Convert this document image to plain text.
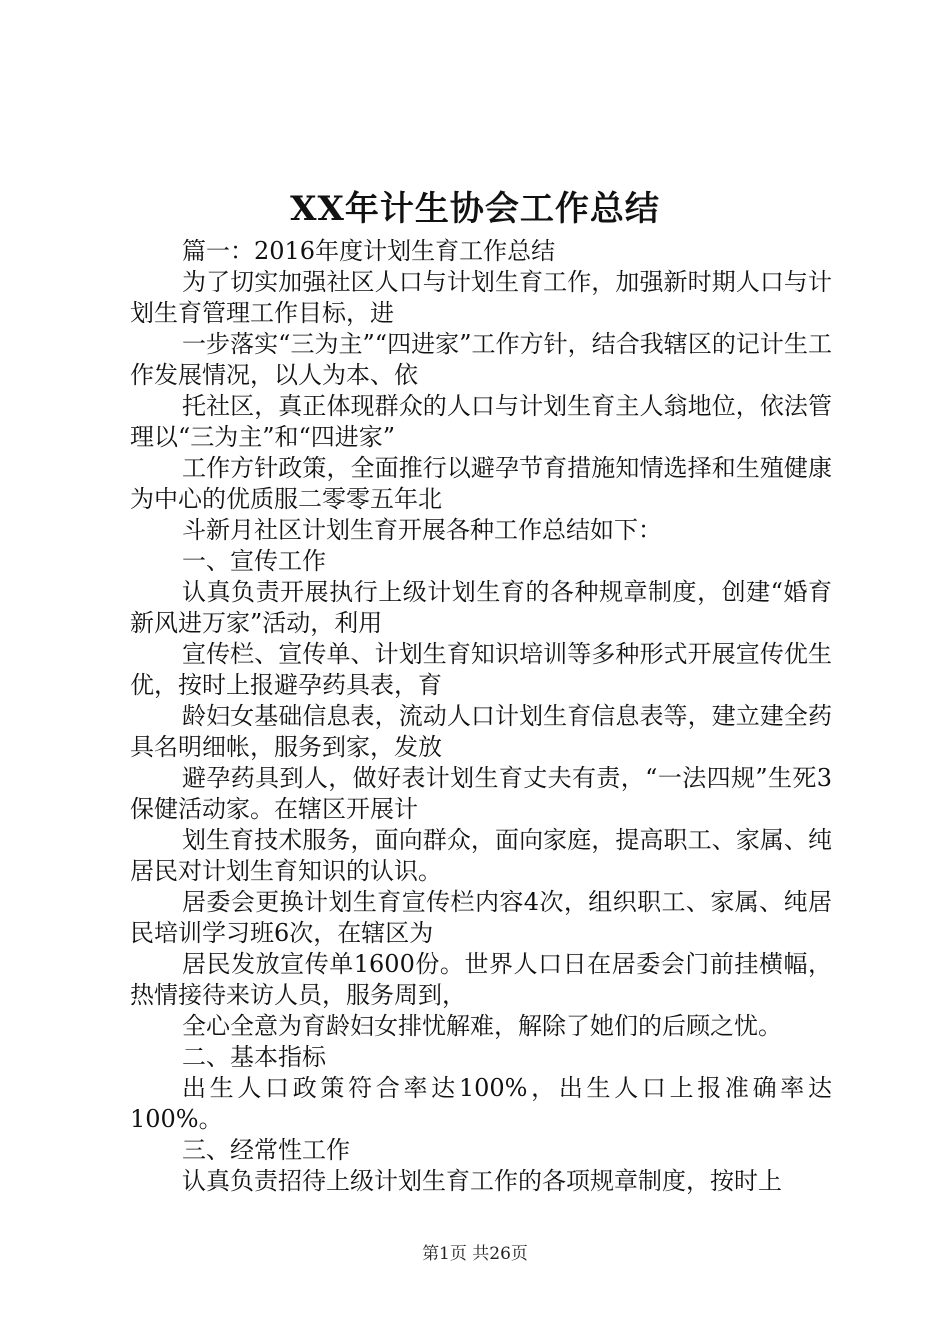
XX年计生协会工作总结

篇一：2016年度计划生育工作总结

为了切实加强社区人口与计划生育工作，加强新时期人口与计划生育管理工作目标，进

一步落实“三为主”“四进家”工作方针，结合我辖区的记计生工作发展情况，以人为本、依

托社区，真正体现群众的人口与计划生育主人翁地位，依法管理以“三为主”和“四进家”

工作方针政策，全面推行以避孕节育措施知情选择和生殖健康为中心的优质服二零零五年北

斗新月社区计划生育开展各种工作总结如下：

一、宣传工作

认真负责开展执行上级计划生育的各种规章制度，创建“婚育新风进万家”活动，利用

宣传栏、宣传单、计划生育知识培训等多种形式开展宣传优生优，按时上报避孕药具表，育

龄妇女基础信息表，流动人口计划生育信息表等，建立建全药具名明细帐，服务到家，发放

避孕药具到人，做好表计划生育丈夫有责，“一法四规”生死3保健活动家。在辖区开展计

划生育技术服务，面向群众，面向家庭，提高职工、家属、纯居民对计划生育知识的认识。

居委会更换计划生育宣传栏内容4次，组织职工、家属、纯居民培训学习班6次，在辖区为

居民发放宣传单1600份。世界人口日在居委会门前挂横幅，热情接待来访人员，服务周到，

全心全意为育龄妇女排忧解难，解除了她们的后顾之忧。

二、基本指标

出生人口政策符合率达100%，出生人口上报准确率达100%。

三、经常性工作

认真负责招待上级计划生育工作的各项规章制度，按时上

第1页 共26页
